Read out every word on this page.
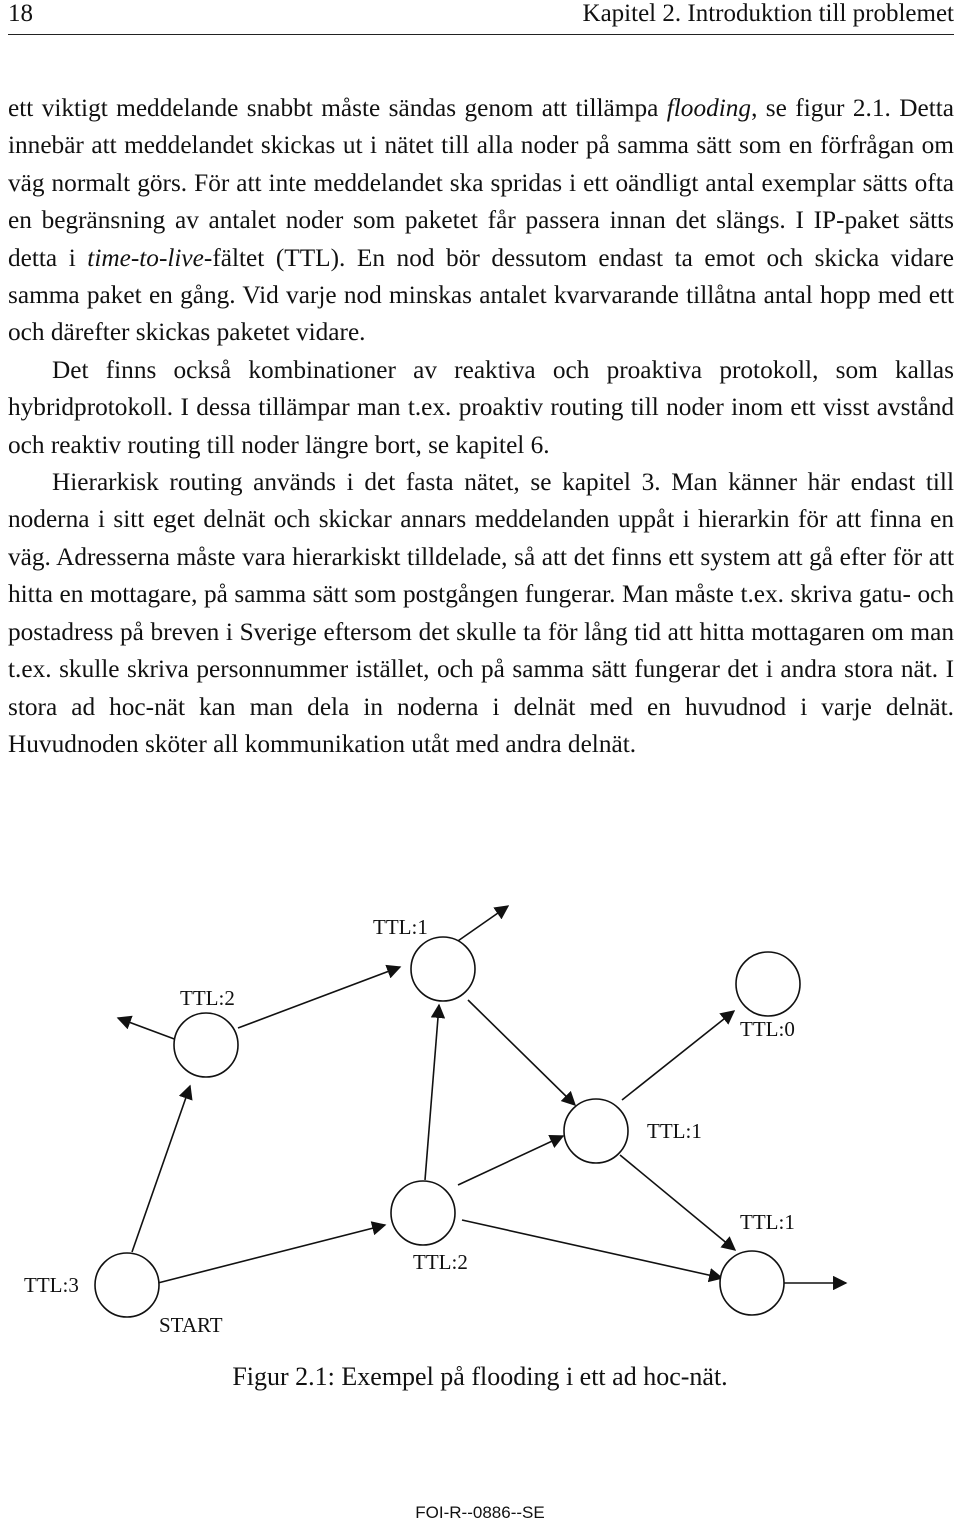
18	Kapitel 2. Introduktion till problemet

ett viktigt meddelande snabbt måste sändas genom att tillämpa flooding, se figur 2.1. Detta innebär att meddelandet skickas ut i nätet till alla noder på samma sätt som en förfrågan om väg normalt görs. För att inte meddelandet ska spridas i ett oändligt antal exemplar sätts ofta en begränsning av antalet noder som paketet får passera innan det slängs. I IP-paket sätts detta i time-to-live-fältet (TTL). En nod bör dessutom endast ta emot och skicka vidare samma paket en gång. Vid varje nod minskas antalet kvarvarande tillåtna antal hopp med ett och därefter skickas paketet vidare.

Det finns också kombinationer av reaktiva och proaktiva protokoll, som kallas hybridprotokoll. I dessa tillämpar man t.ex. proaktiv routing till noder inom ett visst avstånd och reaktiv routing till noder längre bort, se kapitel 6.

Hierarkisk routing används i det fasta nätet, se kapitel 3. Man känner här endast till noderna i sitt eget delnät och skickar annars meddelanden uppåt i hierarkin för att finna en väg. Adresserna måste vara hierarkiskt tilldelade, så att det finns ett system att gå efter för att hitta en mottagare, på samma sätt som postgången fungerar. Man måste t.ex. skriva gatu- och postadress på breven i Sverige eftersom det skulle ta för lång tid att hitta mottagaren om man t.ex. skulle skriva personnummer istället, och på samma sätt fungerar det i andra stora nät. I stora ad hoc-nät kan man dela in noderna i delnät med en huvudnod i varje delnät. Huvudnoden sköter all kommunikation utåt med andra delnät.

TTL:1
TTL:2
TTL:0
TTL:1
TTL:1
TTL:3
START
TTL:2
Figur 2.1: Exempel på flooding i ett ad hoc-nät.
FOI-R--0886--SE
